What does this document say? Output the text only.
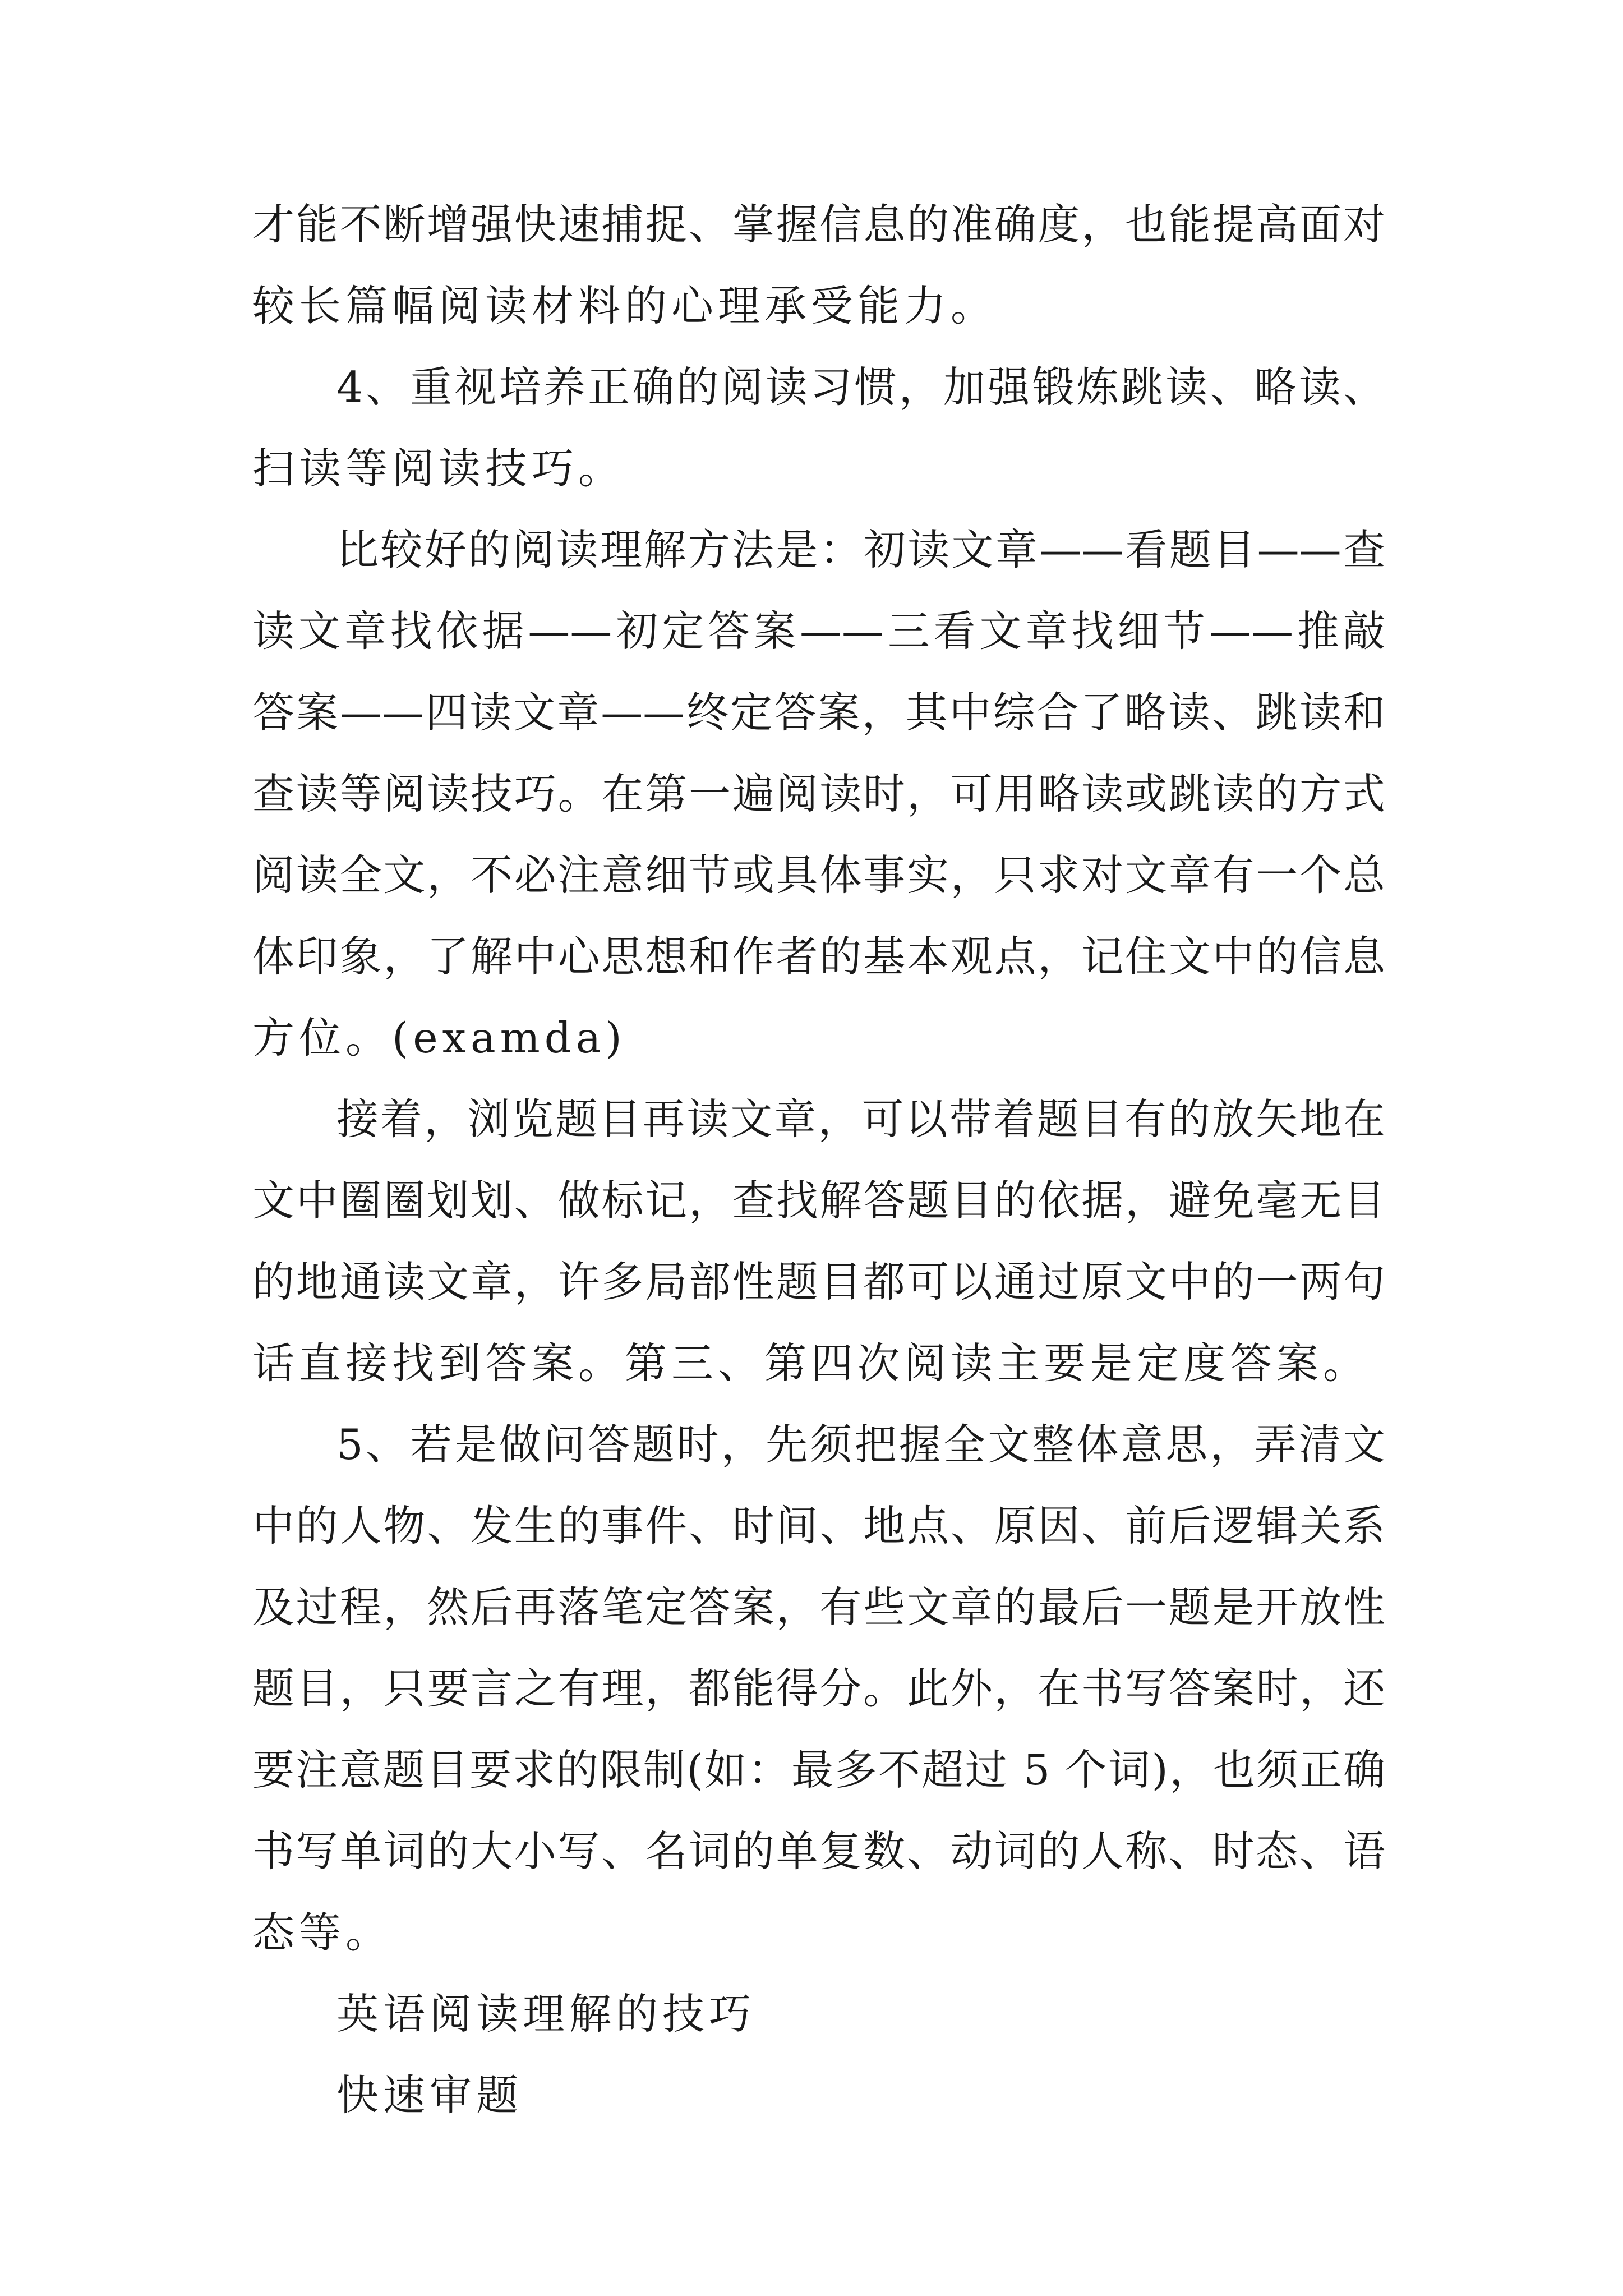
才能不断增强快速捕捉、掌握信息的准确度，也能提高面对
较长篇幅阅读材料的心理承受能力。
4、重视培养正确的阅读习惯，加强锻炼跳读、略读、
扫读等阅读技巧。
比较好的阅读理解方法是：初读文章——看题目——查
读文章找依据——初定答案——三看文章找细节——推敲
答案——四读文章——终定答案，其中综合了略读、跳读和
查读等阅读技巧。在第一遍阅读时，可用略读或跳读的方式
阅读全文，不必注意细节或具体事实，只求对文章有一个总
体印象，了解中心思想和作者的基本观点，记住文中的信息
方位。(examda)
接着，浏览题目再读文章，可以带着题目有的放矢地在
文中圈圈划划、做标记，查找解答题目的依据，避免毫无目
的地通读文章，许多局部性题目都可以通过原文中的一两句
话直接找到答案。第三、第四次阅读主要是定度答案。
5、若是做问答题时，先须把握全文整体意思，弄清文
中的人物、发生的事件、时间、地点、原因、前后逻辑关系
及过程，然后再落笔定答案，有些文章的最后一题是开放性
题目，只要言之有理，都能得分。此外，在书写答案时，还
要注意题目要求的限制(如：最多不超过 5 个词)，也须正确
书写单词的大小写、名词的单复数、动词的人称、时态、语
态等。
英语阅读理解的技巧
快速审题
